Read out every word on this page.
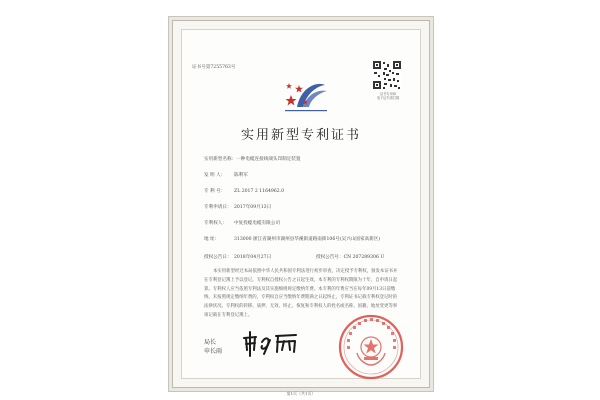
证书号第7255763号
证书专用章
电子证书请扫描
实用新型专利证书
实用新型名称：一种电缆连接线端头印制定装置
发 明 人： 陈利军
专 利 号： ZL 2017 2 1164962.0
专利申请日： 2017年09月13日
专利权人： 中复投缆电缆有限公司
地 址：	313000 浙江省湖州市湖州县华溪街道路南街106号(吴兴山国家高新区)
授权公告日： 2018年04月27日	授权公告号：CN 207289306 U

本实用新型经过本局依照中华人民共和国专利法进行初步审查，决定授予专利权，颁发本证书并在专利登记簿上予以登记。专利权自授权公告之日起生效。本专利的专利权期限为十年，自申请日起算。专利权人应当依照专利法及其实施细则规定缴纳年费。本专利的年费应当在每年09月13日前缴纳。未按照规定缴纳年费的，专利权自应当缴纳年费期满之日起终止。专利证书记载专利权登记时的法律状况。专利权的转移、质押、无效、终止、恢复和专利权人的姓名或名称、国籍、地址变更等事项记载在专利登记簿上。

局长
申长雨
第1页（共1页）
